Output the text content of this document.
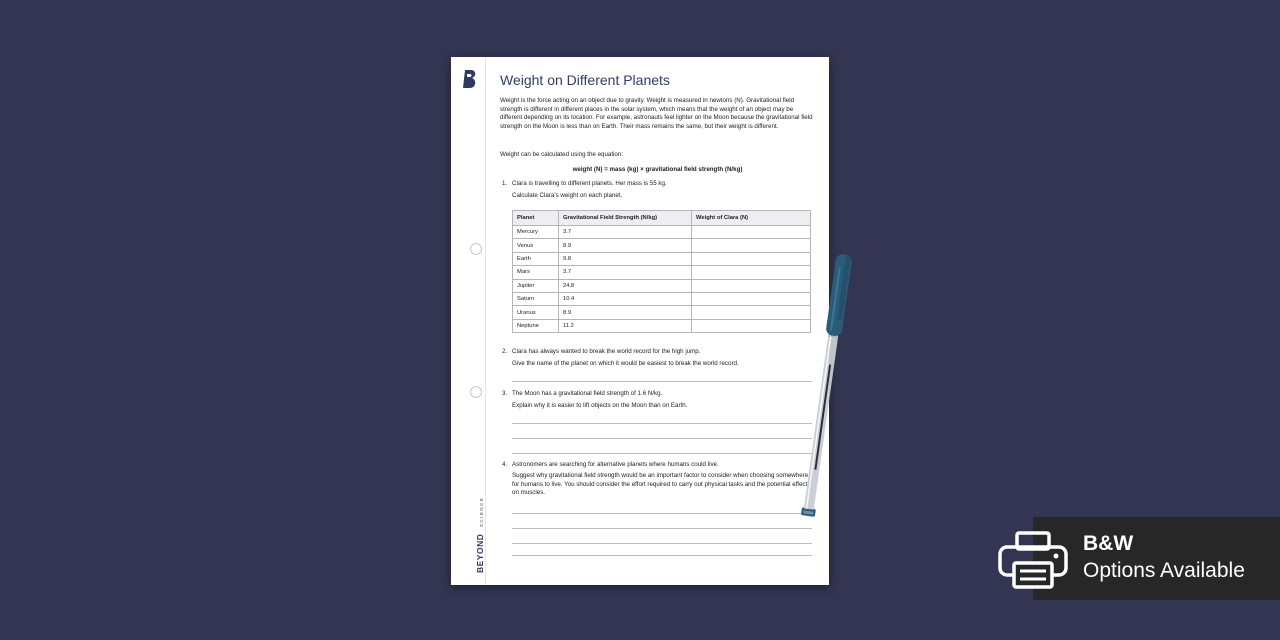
BEYOND SCIENCE
Weight on Different Planets
Weight is the force acting on an object due to gravity. Weight is measured in newtons (N). Gravitational field strength is different in different places in the solar system, which means that the weight of an object may be different depending on its location. For example, astronauts feel lighter on the Moon because the gravitational field strength on the Moon is less than on Earth. Their mass remains the same, but their weight is different.
Weight can be calculated using the equation:
weight (N) = mass (kg) × gravitational field strength (N/kg)
1. Clara is travelling to different planets. Her mass is 55 kg.
Calculate Clara’s weight on each planet.
Planet	Gravitational Field Strength (N/kg)	Weight of Clara (N)
Mercury	3.7	
Venus	8.9	
Earth	9.8	
Mars	3.7	
Jupiter	24.8	
Saturn	10.4	
Uranus	8.9	
Neptune	11.2	
2. Clara has always wanted to break the world record for the high jump.
Give the name of the planet on which it would be easiest to break the world record.
3. The Moon has a gravitational field strength of 1.6 N/kg.
Explain why it is easier to lift objects on the Moon than on Earth.
4. Astronomers are searching for alternative planets where humans could live.
Suggest why gravitational field strength would be an important factor to consider when choosing somewhere for humans to live. You should consider the effort required to carry out physical tasks and the potential effect on muscles.
B&W
Options Available
